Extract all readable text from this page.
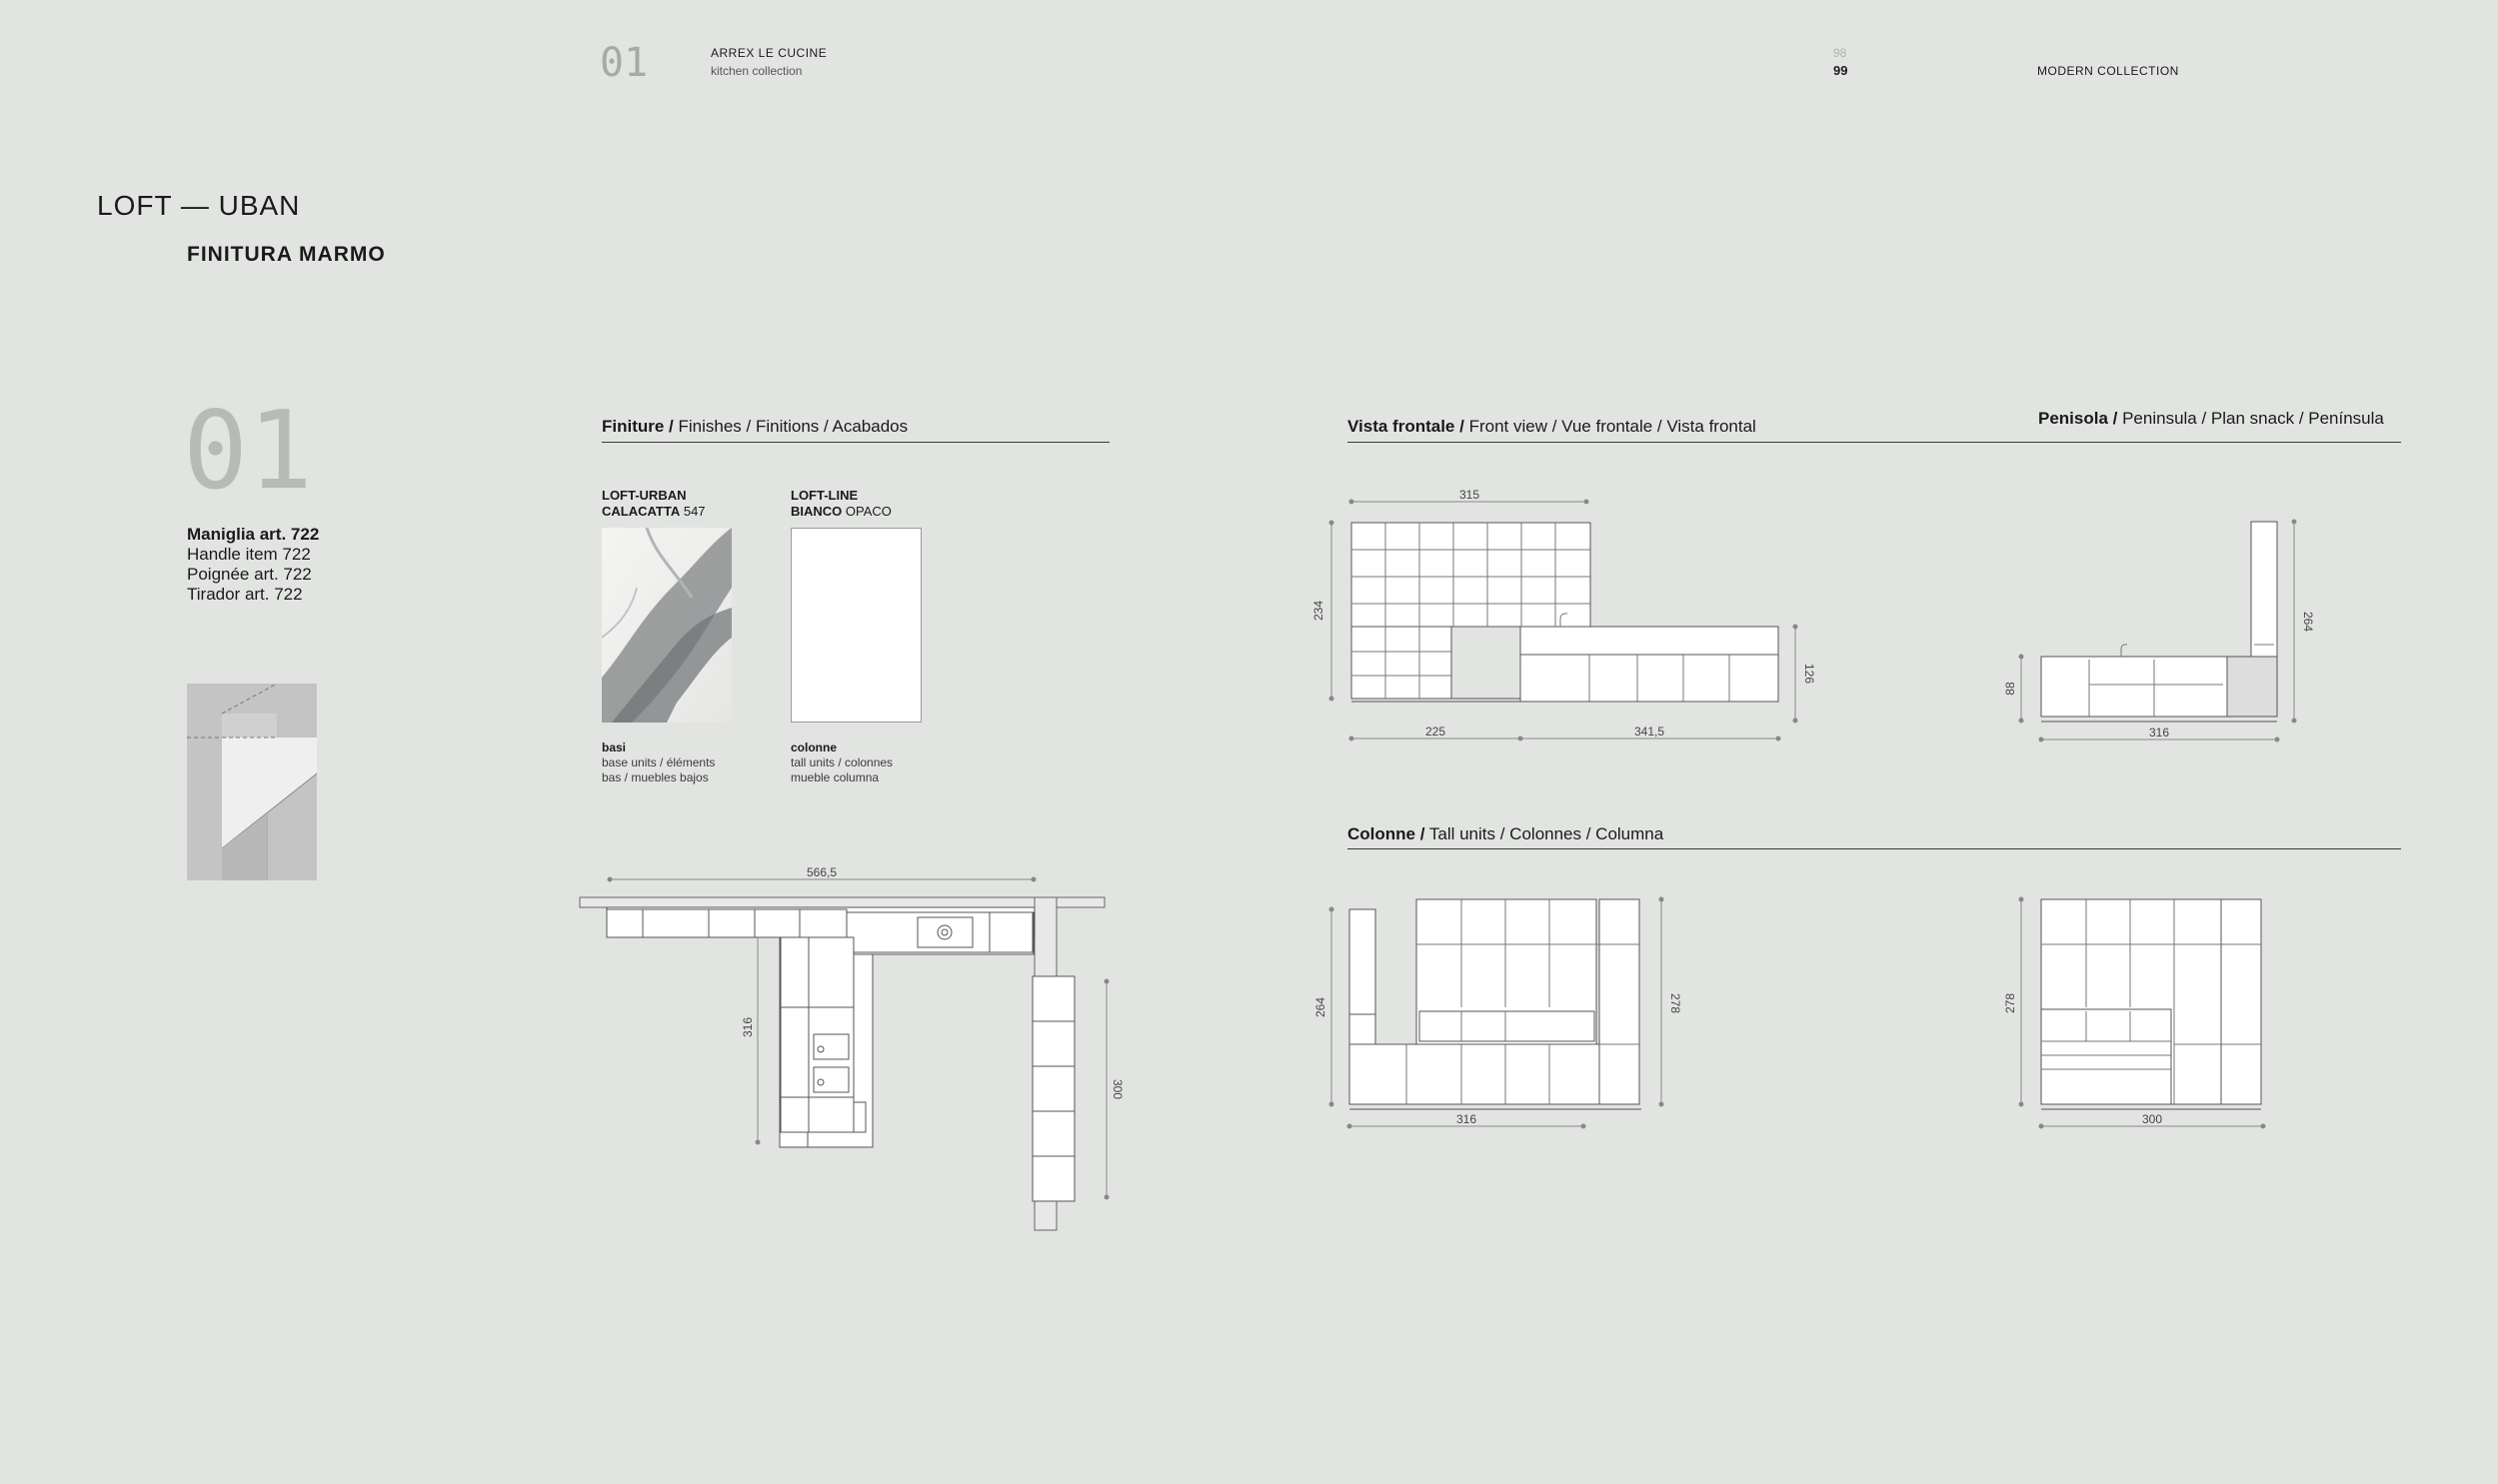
01	ARREX LE CUCINE
kitchen collection
98
99	MODERN COLLECTION
LOFT — UBAN
FINITURA MARMO
01
Maniglia art. 722
Handle item 722
Poignée art. 722
Tirador art. 722
Finiture / Finishes / Finitions / Acabados
LOFT-URBAN
CALACATTA 547
basi
base units / éléments
bas / muebles bajos
LOFT-LINE
BIANCO OPACO
colonne
tall units / colonnes
mueble columna
Vista frontale / Front view / Vue frontale / Vista frontal	Penisola / Peninsula / Plan snack / Península
315
234
126
225	341,5
88
264
316
566,5
316
300
Colonne / Tall units / Colonnes / Columna
264	278
316
278
300
